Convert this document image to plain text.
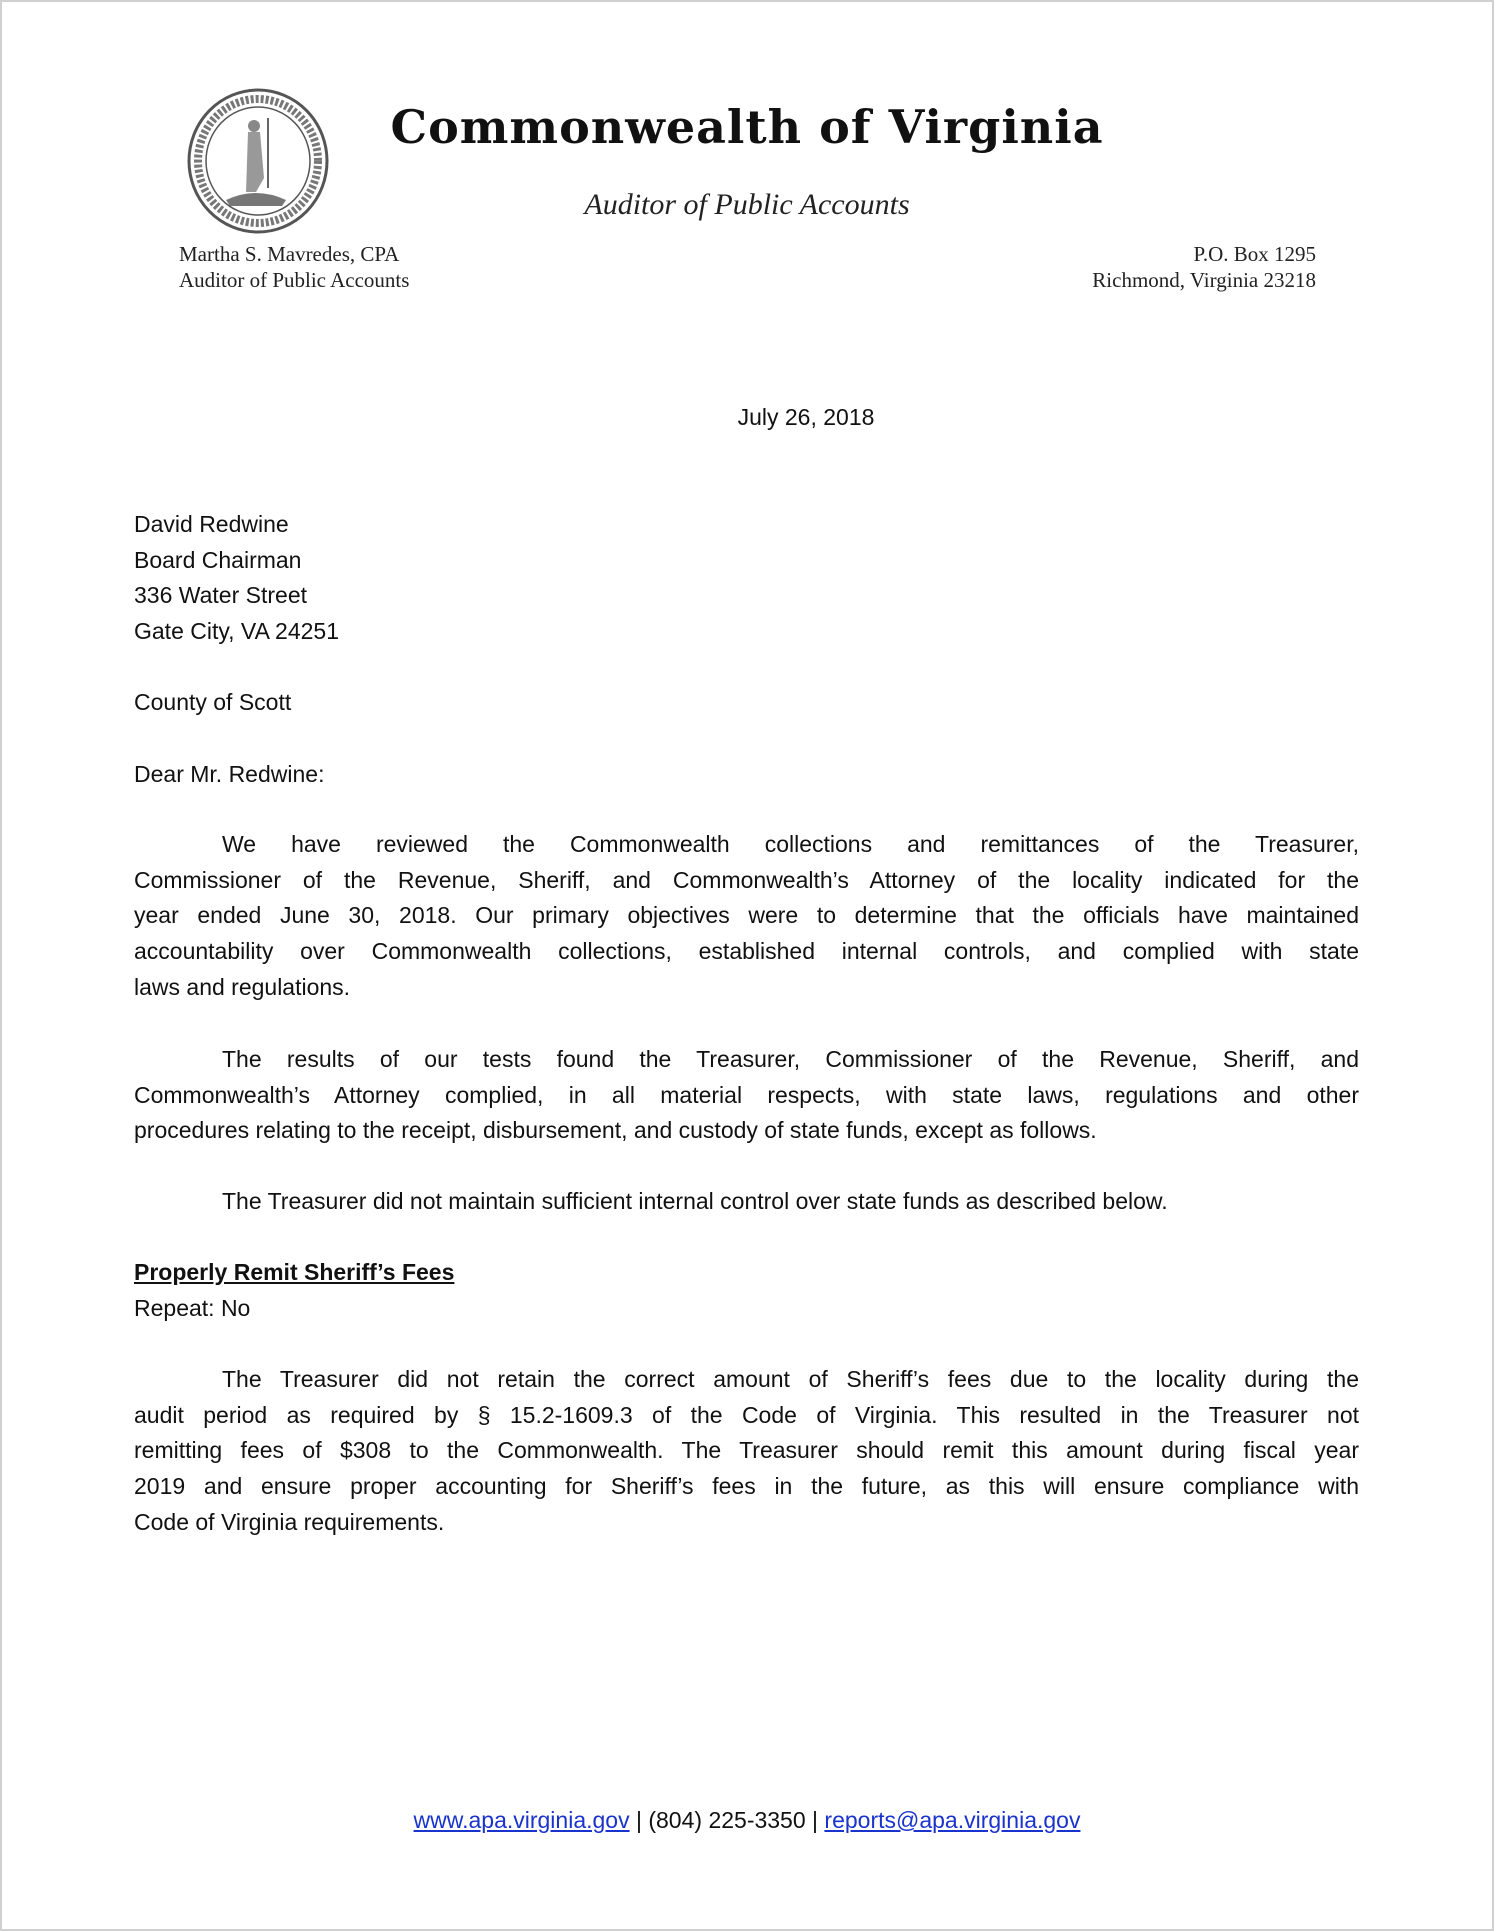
Commonwealth of Virginia
Auditor of Public Accounts
Martha S. Mavredes, CPA
Auditor of Public Accounts
P.O. Box 1295
Richmond, Virginia 23218
July 26, 2018
David Redwine
Board Chairman
336 Water Street
Gate City, VA 24251
County of Scott
Dear Mr. Redwine:
We have reviewed the Commonwealth collections and remittances of the Treasurer,
Commissioner of the Revenue, Sheriff, and Commonwealth’s Attorney of the locality indicated for the
year ended June 30, 2018. Our primary objectives were to determine that the officials have maintained
accountability over Commonwealth collections, established internal controls, and complied with state
laws and regulations.
The results of our tests found the Treasurer, Commissioner of the Revenue, Sheriff, and
Commonwealth’s Attorney complied, in all material respects, with state laws, regulations and other
procedures relating to the receipt, disbursement, and custody of state funds, except as follows.
The Treasurer did not maintain sufficient internal control over state funds as described below.
Properly Remit Sheriff’s Fees
Repeat: No
The Treasurer did not retain the correct amount of Sheriff’s fees due to the locality during the
audit period as required by § 15.2-1609.3 of the Code of Virginia. This resulted in the Treasurer not
remitting fees of $308 to the Commonwealth. The Treasurer should remit this amount during fiscal year
2019 and ensure proper accounting for Sheriff’s fees in the future, as this will ensure compliance with
Code of Virginia requirements.
www.apa.virginia.gov | (804) 225-3350 | reports@apa.virginia.gov
